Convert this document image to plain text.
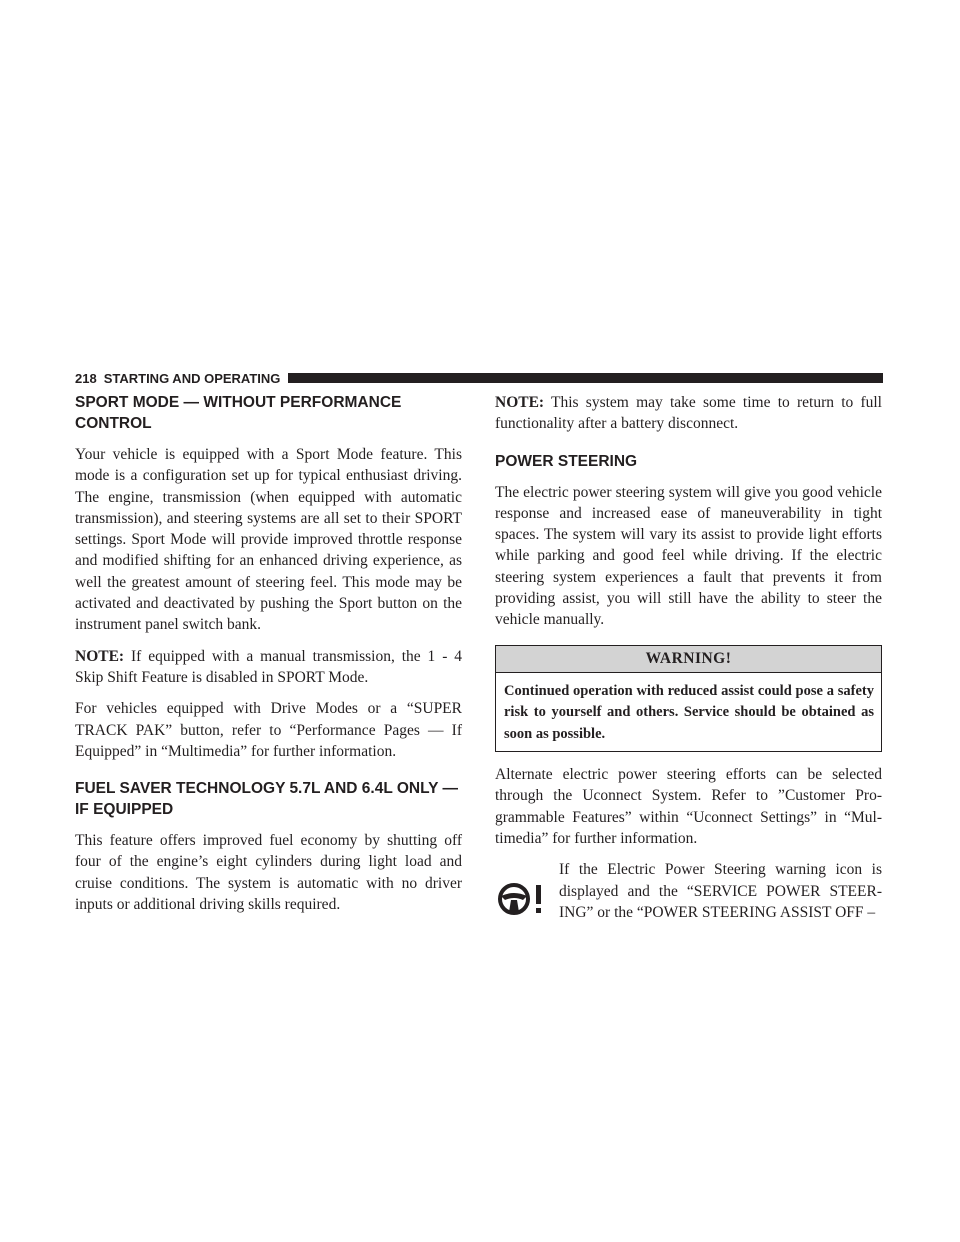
218 STARTING AND OPERATING
SPORT MODE — WITHOUT PERFORMANCE CONTROL

Your vehicle is equipped with a Sport Mode feature. This mode is a configuration set up for typical enthusiast driving. The engine, transmission (when equipped with automatic transmission), and steering systems are all set to their SPORT settings. Sport Mode will provide improved throttle response and modified shifting for an enhanced driving experience, as well the greatest amount of steering feel. This mode may be activated and deactivated by pushing the Sport button on the instrument panel switch bank.

NOTE: If equipped with a manual transmission, the 1 - 4 Skip Shift Feature is disabled in SPORT Mode.

For vehicles equipped with Drive Modes or a “SUPER TRACK PAK” button, refer to “Performance Pages — If Equipped” in “Multimedia” for further information.

FUEL SAVER TECHNOLOGY 5.7L AND 6.4L ONLY — IF EQUIPPED

This feature offers improved fuel economy by shutting off four of the engine’s eight cylinders during light load and cruise conditions. The system is automatic with no driver inputs or additional driving skills required.

NOTE: This system may take some time to return to full functionality after a battery disconnect.

POWER STEERING

The electric power steering system will give you good vehicle response and increased ease of maneuverability in tight spaces. The system will vary its assist to provide light efforts while parking and good feel while driving. If the electric steering system experiences a fault that prevents it from providing assist, you will still have the ability to steer the vehicle manually.

WARNING!
Continued operation with reduced assist could pose a safety risk to yourself and others. Service should be obtained as soon as possible.

Alternate electric power steering efforts can be selected through the Uconnect System. Refer to ”Customer Pro-grammable Features” within “Uconnect Settings” in “Mul-timedia” for further information.

If the Electric Power Steering warning icon is displayed and the “SERVICE POWER STEER-ING” or the “POWER STEERING ASSIST OFF –
